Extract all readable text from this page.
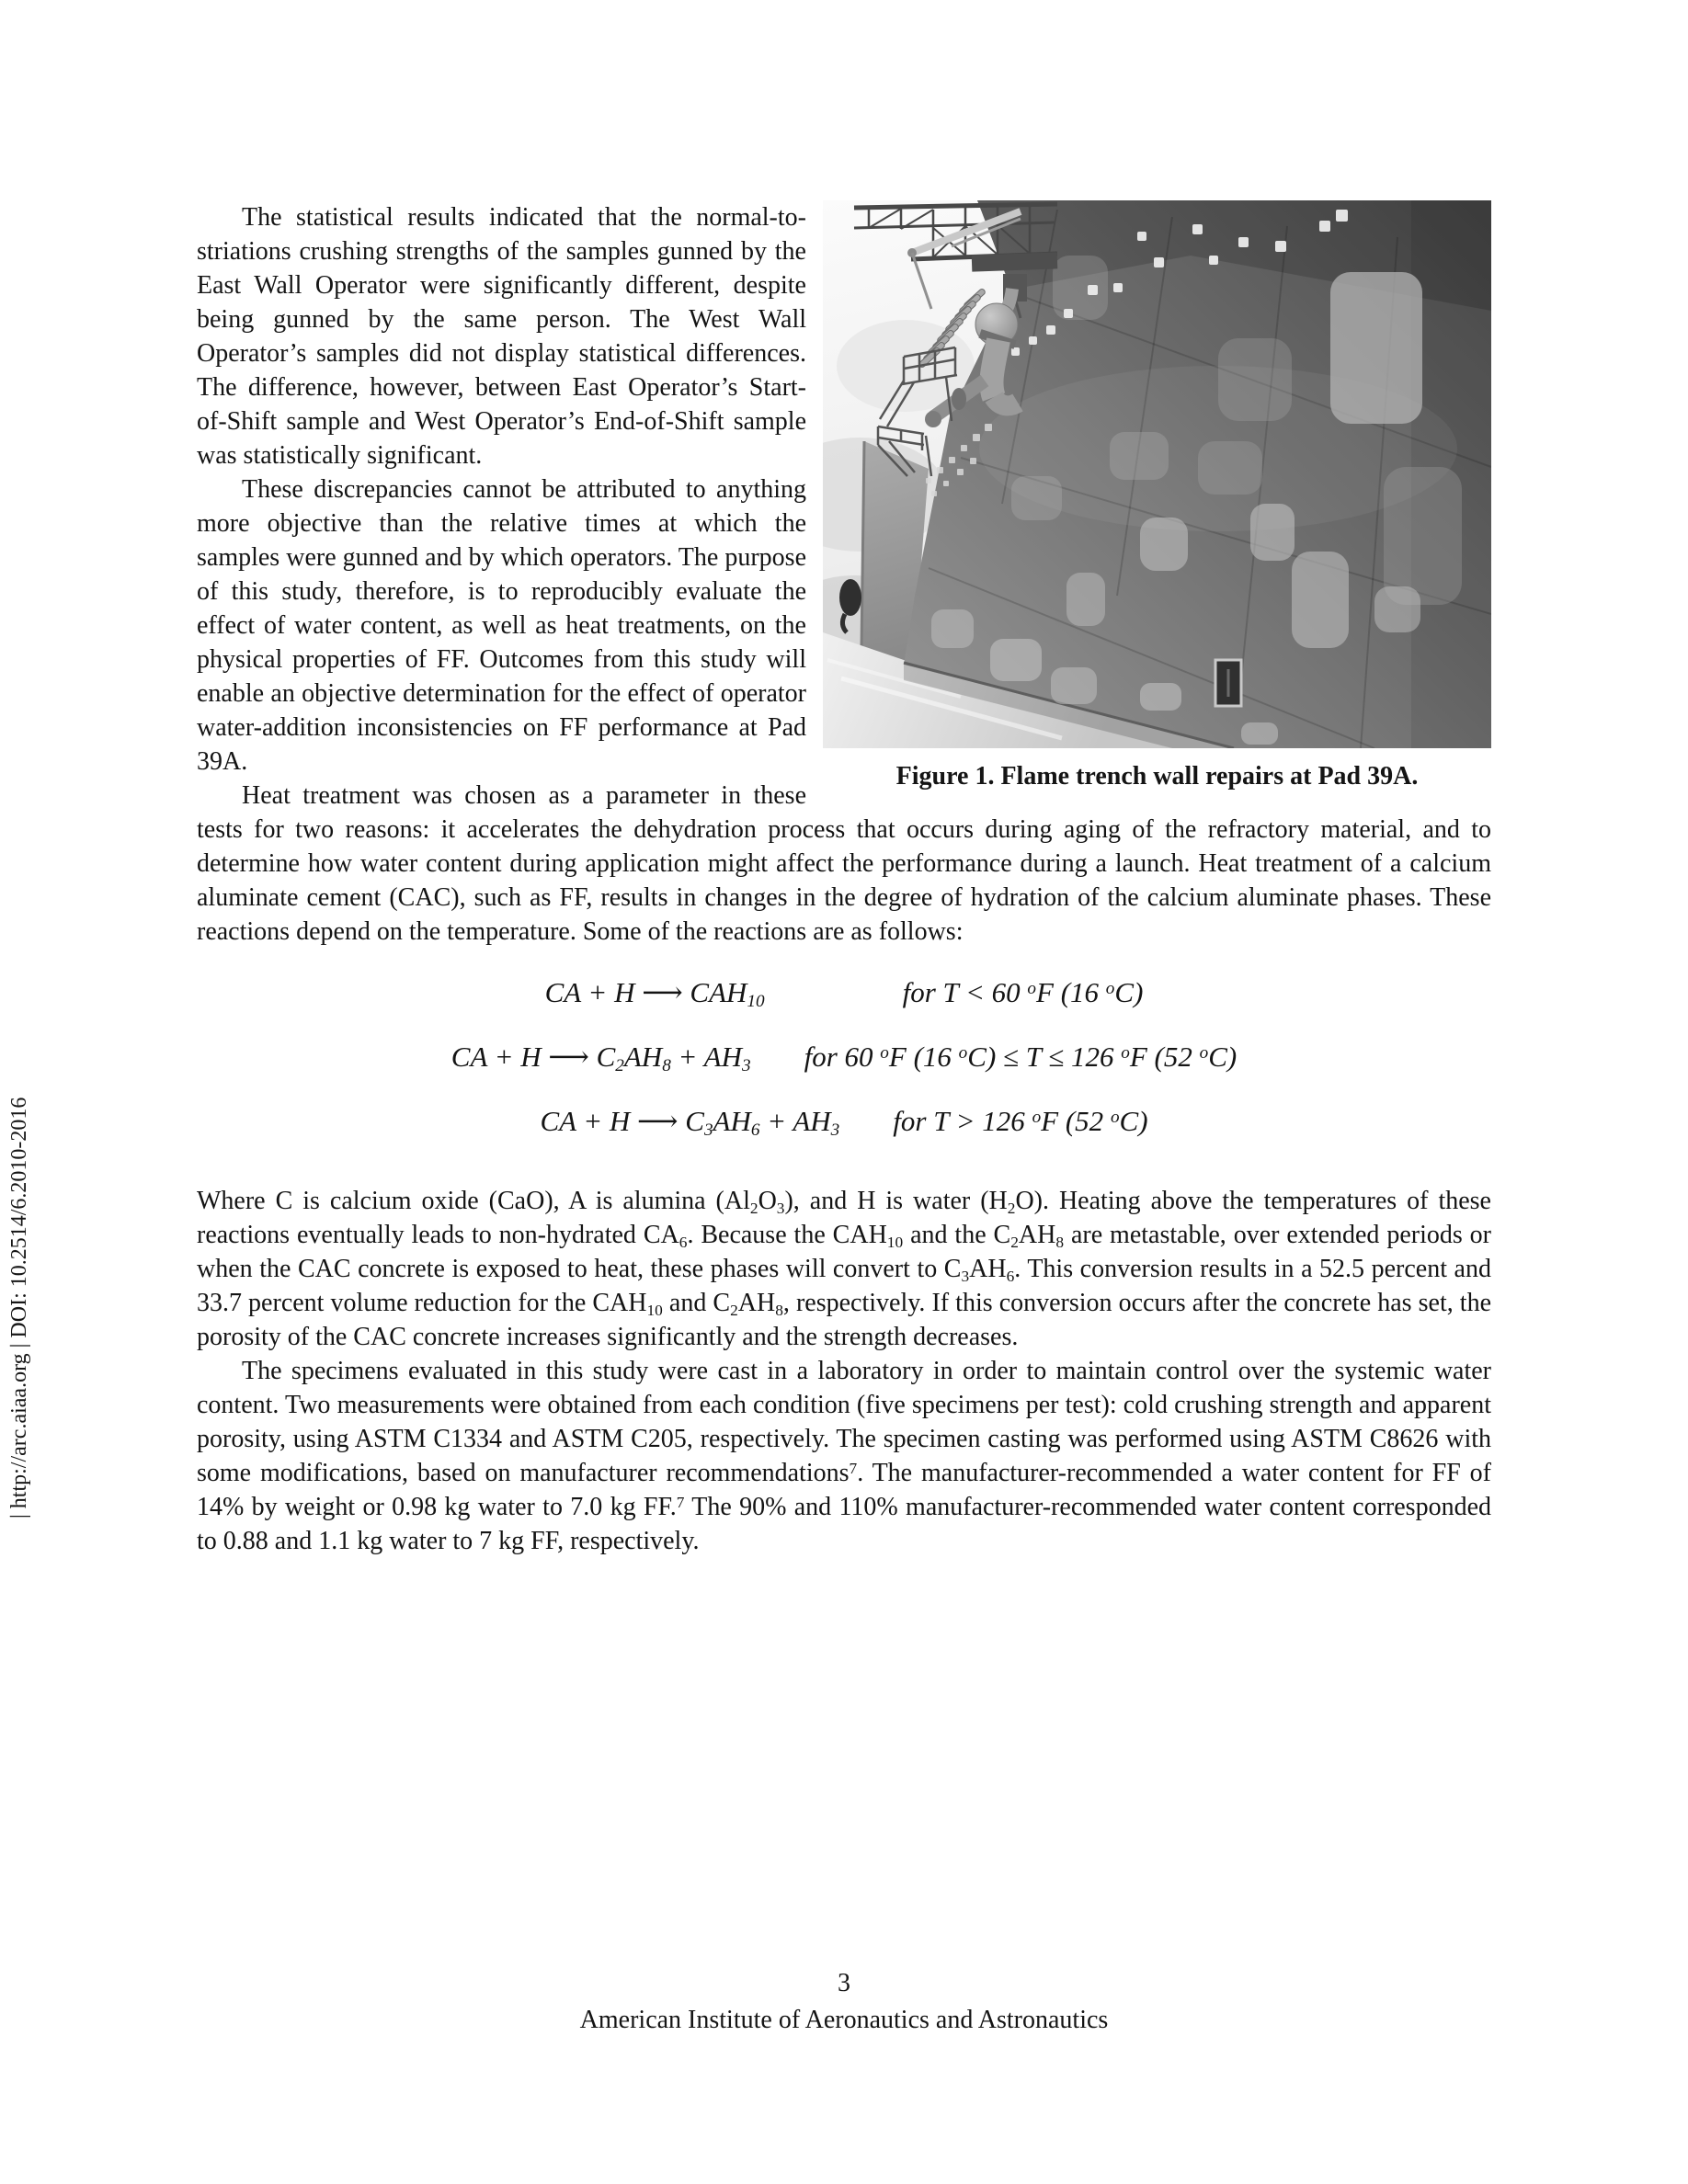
| http://arc.aiaa.org | DOI: 10.2514/6.2010-2016
Figure 1. Flame trench wall repairs at Pad 39A.

The statistical results indicated that the normal-to-striations crushing strengths of the samples gunned by the East Wall Operator were significantly different, despite being gunned by the same person. The West Wall Operator’s samples did not display statistical differences. The difference, however, between East Operator’s Start-of-Shift sample and West Operator’s End-of-Shift sample was statistically significant.

These discrepancies cannot be attributed to anything more objective than the relative times at which the samples were gunned and by which operators. The purpose of this study, therefore, is to reproducibly evaluate the effect of water content, as well as heat treatments, on the physical properties of FF. Outcomes from this study will enable an objective determination for the effect of operator water-addition inconsistencies on FF performance at Pad 39A.

Heat treatment was chosen as a parameter in these tests for two reasons: it accelerates the dehydration process that occurs during aging of the refractory material, and to determine how water content during application might affect the performance during a launch. Heat treatment of a calcium aluminate cement (CAC), such as FF, results in changes in the degree of hydration of the calcium aluminate phases. These reactions depend on the temperature. Some of the reactions are as follows:

CA + H ⟶ $CAH_{10}$	for T < 60 $^o$F (16 $^o$C)
CA + H ⟶ $C_2AH_8 + AH_3$ for 60 $^o$F (16 $^o$C) ≤ T ≤ 126 $^o$F (52 $^o$C)
CA + H ⟶ $C_3AH_6 + AH_3$ for T > 126 $^o$F (52 $^o$C)

Where C is calcium oxide (CaO), A is alumina $(Al_2O_3)$, and H is water $(H_2O)$. Heating above the temperatures of these reactions eventually leads to non-hydrated $CA_6$. Because the $CAH_{10}$ and the $C_2AH_8$ are metastable, over extended periods or when the CAC concrete is exposed to heat, these phases will convert to $C_3AH_6$. This conversion results in a 52.5 percent and 33.7 percent volume reduction for the $CAH_{10}$ and $C_2AH_8$, respectively. If this conversion occurs after the concrete has set, the porosity of the CAC concrete increases significantly and the strength decreases.

The specimens evaluated in this study were cast in a laboratory in order to maintain control over the systemic water content. Two measurements were obtained from each condition (five specimens per test): cold crushing strength and apparent porosity, using ASTM C1334 and ASTM C205, respectively. The specimen casting was performed using ASTM C8626 with some modifications, based on manufacturer recommendations$^7$. The manufacturer-recommended a water content for FF of 14% by weight or 0.98 kg water to 7.0 kg FF.$^7$ The 90% and 110% manufacturer-recommended water content corresponded to 0.88 and 1.1 kg water to 7 kg FF, respectively.

3
American Institute of Aeronautics and Astronautics
